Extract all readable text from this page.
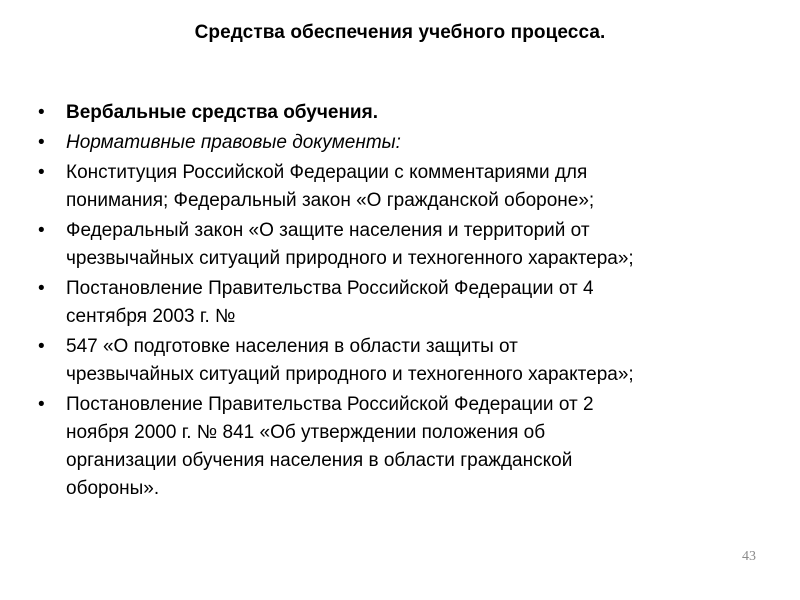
Средства обеспечения учебного процесса.
• Вербальные средства обучения.
• Нормативные правовые документы:
• Конституция Российской Федерации с комментариями для
понимания; Федеральный закон «О гражданской обороне»;
• Федеральный закон «О защите населения и территорий от
чрезвычайных ситуаций природного и техногенного характера»;
• Постановление Правительства Российской Федерации от 4
сентября 2003 г. №
• 547 «О подготовке населения в области защиты от
чрезвычайных ситуаций природного и техногенного характера»;
• Постановление Правительства Российской Федерации от 2
ноября 2000 г. № 841 «Об утверждении положения об
организации обучения населения в области гражданской
обороны».
43
